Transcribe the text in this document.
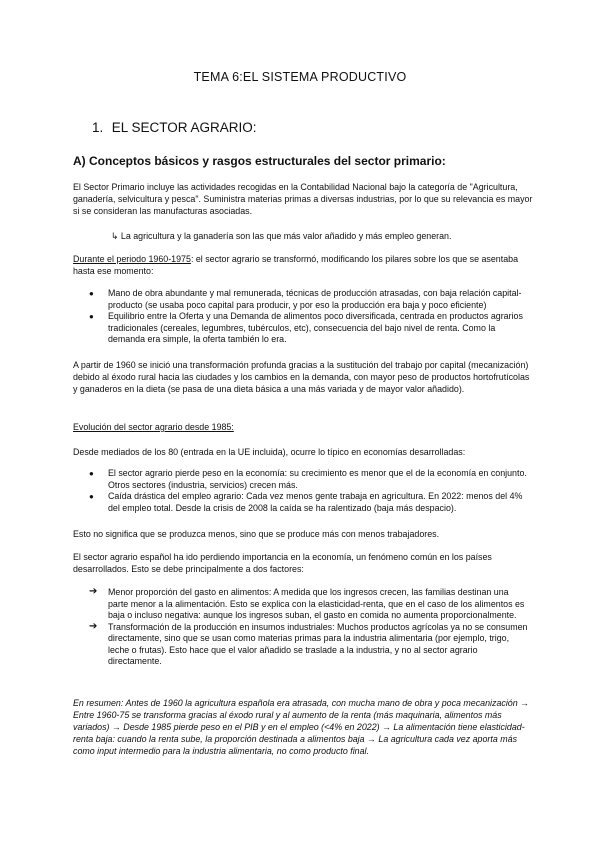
TEMA 6:EL SISTEMA PRODUCTIVO
1. EL SECTOR AGRARIO:
A) Conceptos básicos y rasgos estructurales del sector primario:
El Sector Primario incluye las actividades recogidas en la Contabilidad Nacional bajo la categoría de "Agricultura, ganadería, selvicultura y pesca". Suministra materias primas a diversas industrias, por lo que su relevancia es mayor si se consideran las manufacturas asociadas.
↳ La agricultura y la ganadería son las que más valor añadido y más empleo generan.
Durante el periodo 1960-1975: el sector agrario se transformó, modificando los pilares sobre los que se asentaba hasta ese momento:
● Mano de obra abundante y mal remunerada, técnicas de producción atrasadas, con baja relación capital-producto (se usaba poco capital para producir, y por eso la producción era baja y poco eficiente)
● Equilibrio entre la Oferta y una Demanda de alimentos poco diversificada, centrada en productos agrarios tradicionales (cereales, legumbres, tubérculos, etc), consecuencia del bajo nivel de renta. Como la demanda era simple, la oferta también lo era.
A partir de 1960 se inició una transformación profunda gracias a la sustitución del trabajo por capital (mecanización) debido al éxodo rural hacia las ciudades y los cambios en la demanda, con mayor peso de productos hortofrutícolas y ganaderos en la dieta (se pasa de una dieta básica a una más variada y de mayor valor añadido).
Evolución del sector agrario desde 1985:
Desde mediados de los 80 (entrada en la UE incluida), ocurre lo típico en economías desarrolladas:
● El sector agrario pierde peso en la economía: su crecimiento es menor que el de la economía en conjunto. Otros sectores (industria, servicios) crecen más.
● Caída drástica del empleo agrario: Cada vez menos gente trabaja en agricultura. En 2022: menos del 4% del empleo total. Desde la crisis de 2008 la caída se ha ralentizado (baja más despacio).
Esto no significa que se produzca menos, sino que se produce más con menos trabajadores.
El sector agrario español ha ido perdiendo importancia en la economía, un fenómeno común en los países desarrollados. Esto se debe principalmente a dos factores:
➔ Menor proporción del gasto en alimentos: A medida que los ingresos crecen, las familias destinan una parte menor a la alimentación. Esto se explica con la elasticidad-renta, que en el caso de los alimentos es baja o incluso negativa: aunque los ingresos suban, el gasto en comida no aumenta proporcionalmente.
➔ Transformación de la producción en insumos industriales: Muchos productos agrícolas ya no se consumen directamente, sino que se usan como materias primas para la industria alimentaria (por ejemplo, trigo, leche o frutas). Esto hace que el valor añadido se traslade a la industria, y no al sector agrario directamente.
En resumen: Antes de 1960 la agricultura española era atrasada, con mucha mano de obra y poca mecanización → Entre 1960-75 se transforma gracias al éxodo rural y al aumento de la renta (más maquinaria, alimentos más variados) → Desde 1985 pierde peso en el PIB y en el empleo (<4% en 2022) → La alimentación tiene elasticidad-renta baja: cuando la renta sube, la proporción destinada a alimentos baja → La agricultura cada vez aporta más como input intermedio para la industria alimentaria, no como producto final.
